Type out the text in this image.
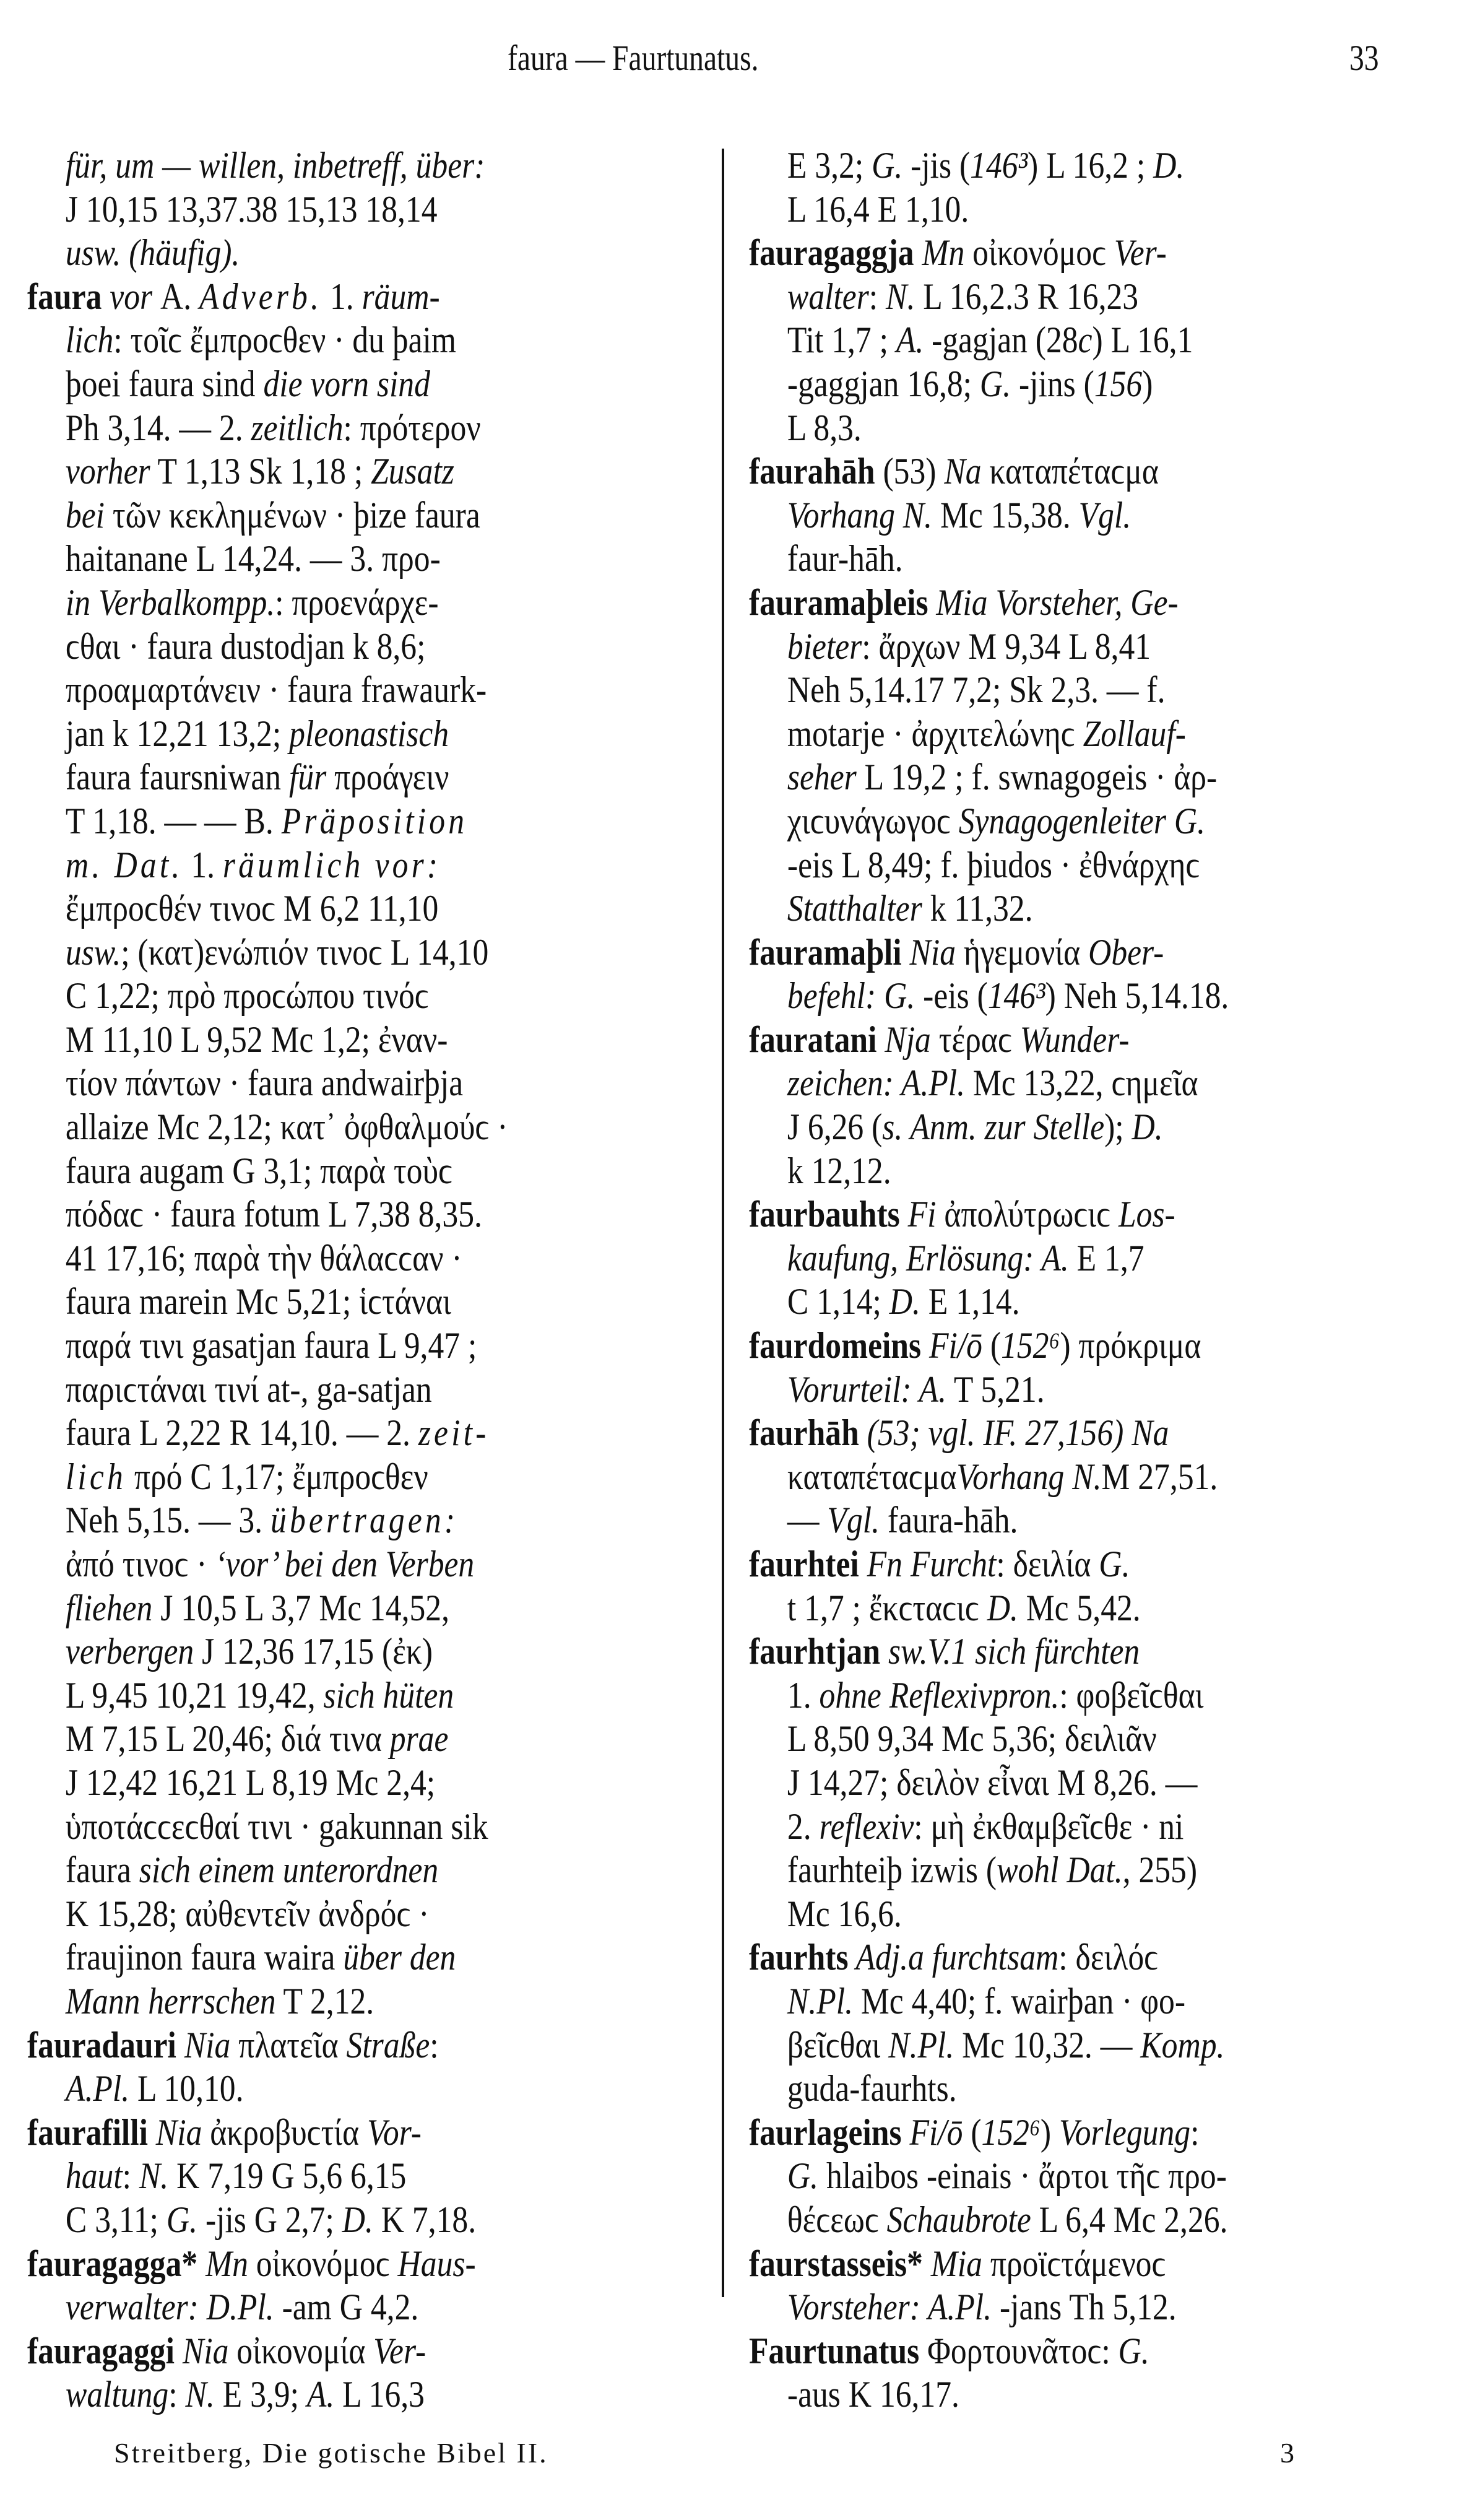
faura — Faurtunatus.	33
für, um — willen, inbetreff, über:
J 10,15 13,37.38 15,13 18,14
usw. (häufig).
faura vor A. Adverb. 1. räum-
lich: τοῖϲ ἔμπροϲθεν · du þaim
þoei faura sind die vorn sind
Ph 3,14. — 2. zeitlich: πρότερον
vorher T 1,13 Sk 1,18 ; Zusatz
bei τῶν κεκλημένων · þize faura
haitanane L 14,24. — 3. προ-
in Verbalkompp.: προενάρχε-
ϲθαι · faura dustodjan k 8,6;
προαμαρτάνειν · faura frawaurk-
jan k 12,21 13,2; pleonastisch
faura faursniwan für προάγειν
T 1,18. — — B. Präposition
m. Dat. 1. räumlich vor:
ἔμπροϲθέν τινοϲ M 6,2 11,10
usw.; (κατ)ενώπιόν τινοϲ L 14,10
C 1,22; πρὸ προϲώπου τινόϲ
M 11,10 L 9,52 Mc 1,2; ἐναν-
τίον πάντων · faura andwairþja
allaize Mc 2,12; κατ᾽ ὀφθαλμούϲ ·
faura augam G 3,1; παρὰ τοὺϲ
πόδαϲ · faura fotum L 7,38 8,35.
41 17,16; παρὰ τὴν θάλαϲϲαν ·
faura marein Mc 5,21; ἱϲτάναι
παρά τινι gasatjan faura L 9,47 ;
παριϲτάναι τινί at-, ga-satjan
faura L 2,22 R 14,10. — 2. zeit-
lich πρό C 1,17; ἔμπροϲθεν
Neh 5,15. — 3. übertragen:
ἀπό τινοϲ · ‘vor’ bei den Verben
fliehen J 10,5 L 3,7 Mc 14,52,
verbergen J 12,36 17,15 (ἐκ)
L 9,45 10,21 19,42, sich hüten
M 7,15 L 20,46; διά τινα prae
J 12,42 16,21 L 8,19 Mc 2,4;
ὑποτάϲϲεϲθαί τινι · gakunnan sik
faura sich einem unterordnen
K 15,28; αὐθεντεῖν ἀνδρόϲ ·
fraujinon faura waira über den
Mann herrschen T 2,12.
fauradauri Nia πλατεῖα Straße:
A.Pl. L 10,10.
faurafilli Nia ἀκροβυϲτία Vor-
haut: N. K 7,19 G 5,6 6,15
C 3,11; G. -jis G 2,7; D. K 7,18.
fauragagga* Mn οἰκονόμοϲ Haus-
verwalter: D.Pl. -am G 4,2.
fauragaggi Nia οἰκονομία Ver-
waltung: N. E 3,9; A. L 16,3
E 3,2; G. -jis (146³) L 16,2 ; D.
L 16,4 E 1,10.
fauragaggja Mn οἰκονόμοϲ Ver-
walter: N. L 16,2.3 R 16,23
Tit 1,7 ; A. -gagjan (28c) L 16,1
-gaggjan 16,8; G. -jins (156)
L 8,3.
faurahāh (53) Na καταπέταϲμα
Vorhang N. Mc 15,38. Vgl.
faur-hāh.
fauramaþleis Mia Vorsteher, Ge-
bieter: ἄρχων M 9,34 L 8,41
Neh 5,14.17 7,2; Sk 2,3. — f.
motarje · ἀρχιτελώνηϲ Zollauf-
seher L 19,2 ; f. swnagogeis · ἀρ-
χιϲυνάγωγοϲ Synagogenleiter G.
-eis L 8,49; f. þiudos · ἐθνάρχηϲ
Statthalter k 11,32.
fauramaþli Nia ἡγεμονία Ober-
befehl: G. -eis (146³) Neh 5,14.18.
fauratani Nja τέραϲ Wunder-
zeichen: A.Pl. Mc 13,22, ϲημεῖα
J 6,26 (s. Anm. zur Stelle); D.
k 12,12.
faurbauhts Fi ἀπολύτρωϲιϲ Los-
kaufung, Erlösung: A. E 1,7
C 1,14; D. E 1,14.
faurdomeins Fi/ō (152⁶) πρόκριμα
Vorurteil: A. T 5,21.
faurhāh (53; vgl. IF. 27,156) Na
καταπέταϲμαVorhang N.M 27,51.
— Vgl. faura-hāh.
faurhtei Fn Furcht: δειλία G.
t 1,7 ; ἔκϲταϲιϲ D. Mc 5,42.
faurhtjan sw.V.1 sich fürchten
1. ohne Reflexivpron.: φοβεῖϲθαι
L 8,50 9,34 Mc 5,36; δειλιᾶν
J 14,27; δειλὸν εἶναι M 8,26. —
2. reflexiv: μὴ ἐκθαμβεῖϲθε · ni
faurhteiþ izwis (wohl Dat., 255)
Mc 16,6.
faurhts Adj.a furchtsam: δειλόϲ
N.Pl. Mc 4,40; f. wairþan · φο-
βεῖϲθαι N.Pl. Mc 10,32. — Komp.
guda-faurhts.
faurlageins Fi/ō (152⁶) Vorlegung:
G. hlaibos -einais · ἄρτοι τῆϲ προ-
θέϲεωϲ Schaubrote L 6,4 Mc 2,26.
faurstasseis* Mia προϊϲτάμενοϲ
Vorsteher: A.Pl. -jans Th 5,12.
Faurtunatus Φορτουνᾶτοϲ: G.
-aus K 16,17.
Streitberg, Die gotische Bibel II.	3
